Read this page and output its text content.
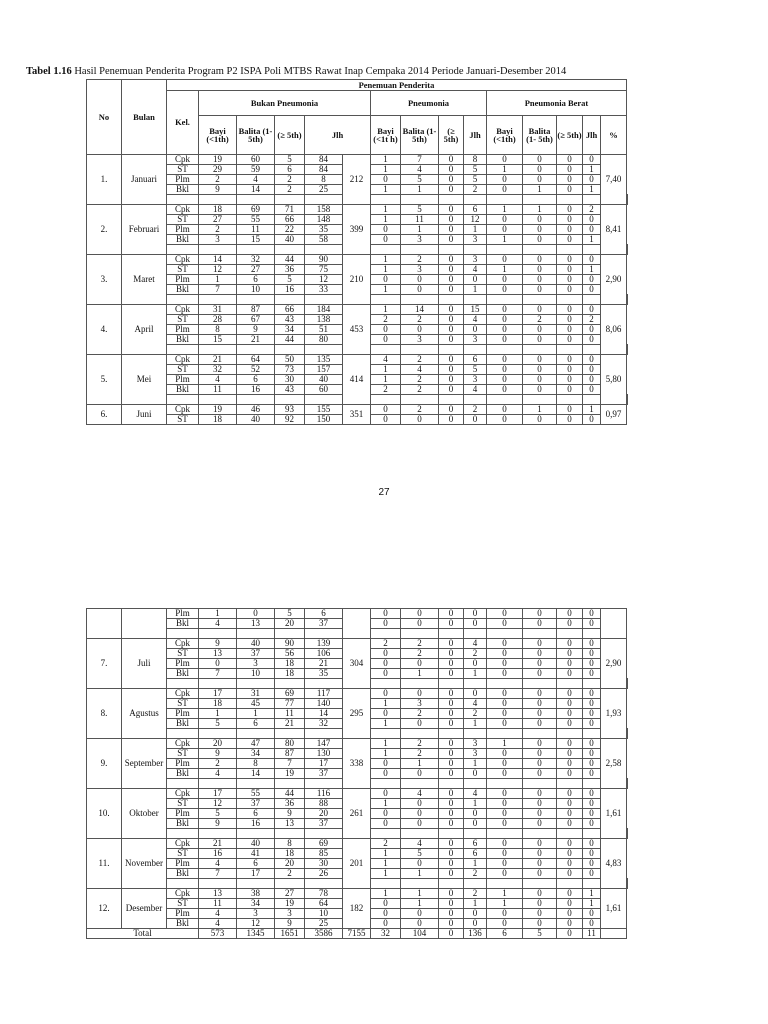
Tabel 1.16 Hasil Penemuan Penderita Program P2 ISPA Poli MTBS Rawat Inap Cempaka 2014 Periode Januari-Desember 2014
No	Bulan	Penemuan Penderita															
		Kel.	Bukan Pneumonia					Pneumonia				Pneumonia Berat					
			Bayi (<1th)	Balita (1-5th)	(≥ 5th)	Jlh		Bayi (<1t h)	Balita (1-5th)	(≥ 5th)	Jlh	Bayi (<1th)	Balita (1- 5th)	(≥ 5th)	Jlh	%	
1.	Januari	Cpk	19	60	5	84	212	1	7	0	8	0	0	0	0	7,40	
		ST	29	59	6	84		1	4	0	5	1	0	0	1		
		Plm	2	4	2	8		0	5	0	5	0	0	0	0		
		Bkl	9	14	2	25		1	1	0	2	0	1	0	1		

2.	Februari	Cpk	18	69	71	158	399	1	5	0	6	1	1	0	2	8,41	
		ST	27	55	66	148		1	11	0	12	0	0	0	0		
		Plm	2	11	22	35		0	1	0	1	0	0	0	0		
		Bkl	3	15	40	58		0	3	0	3	1	0	0	1		

3.	Maret	Cpk	14	32	44	90	210	1	2	0	3	0	0	0	0	2,90	
		ST	12	27	36	75		1	3	0	4	1	0	0	1		
		Plm	1	6	5	12		0	0	0	0	0	0	0	0		
		Bkl	7	10	16	33		1	0	0	1	0	0	0	0		

4.	April	Cpk	31	87	66	184	453	1	14	0	15	0	0	0	0	8,06	
		ST	28	67	43	138		2	2	0	4	0	2	0	2		
		Plm	8	9	34	51		0	0	0	0	0	0	0	0		
		Bkl	15	21	44	80		0	3	0	3	0	0	0	0		

5.	Mei	Cpk	21	64	50	135	414	4	2	0	6	0	0	0	0	5,80	
		ST	32	52	73	157		1	4	0	5	0	0	0	0		
		Plm	4	6	30	40		1	2	0	3	0	0	0	0		
		Bkl	11	16	43	60		2	2	0	4	0	0	0	0		

6.	Juni	Cpk	19	46	93	155	351	0	2	0	2	0	1	0	1	0,97	
		ST	18	40	92	150		0	0	0	0	0	0	0	0		
27
		Plm	1	0	5	6		0	0	0	0	0	0	0	0		
		Bkl	4	13	20	37		0	0	0	0	0	0	0	0		

7.	Juli	Cpk	9	40	90	139	304	2	2	0	4	0	0	0	0	2,90	
		ST	13	37	56	106		0	2	0	2	0	0	0	0		
		Plm	0	3	18	21		0	0	0	0	0	0	0	0		
		Bkl	7	10	18	35		0	1	0	1	0	0	0	0		

8.	Agustus	Cpk	17	31	69	117	295	0	0	0	0	0	0	0	0	1,93	
		ST	18	45	77	140		1	3	0	4	0	0	0	0		
		Plm	1	1	11	14		0	2	0	2	0	0	0	0		
		Bkl	5	6	21	32		1	0	0	1	0	0	0	0		

9.	September	Cpk	20	47	80	147	338	1	2	0	3	1	0	0	0	2,58	
		ST	9	34	87	130		1	2	0	3	0	0	0	0		
		Plm	2	8	7	17		0	1	0	1	0	0	0	0		
		Bkl	4	14	19	37		0	0	0	0	0	0	0	0		

10.	Oktober	Cpk	17	55	44	116	261	0	4	0	4	0	0	0	0	1,61	
		ST	12	37	36	88		1	0	0	1	0	0	0	0		
		Plm	5	6	9	20		0	0	0	0	0	0	0	0		
		Bkl	9	16	13	37		0	0	0	0	0	0	0	0		

11.	November	Cpk	21	40	8	69	201	2	4	0	6	0	0	0	0	4,83	
		ST	16	41	18	85		1	5	0	6	0	0	0	0		
		Plm	4	6	20	30		1	0	0	1	0	0	0	0		
		Bkl	7	17	2	26		1	1	0	2	0	0	0	0		

12.	Desember	Cpk	13	38	27	78	182	1	1	0	2	1	0	0	1	1,61	
		ST	11	34	19	64		0	1	0	1	1	0	0	1		
		Plm	4	3	3	10		0	0	0	0	0	0	0	0		
		Bkl	4	12	9	25		0	0	0	0	0	0	0	0		
Total			573	1345	1651	3586	7155	32	104	0	136	6	5	0	11		
